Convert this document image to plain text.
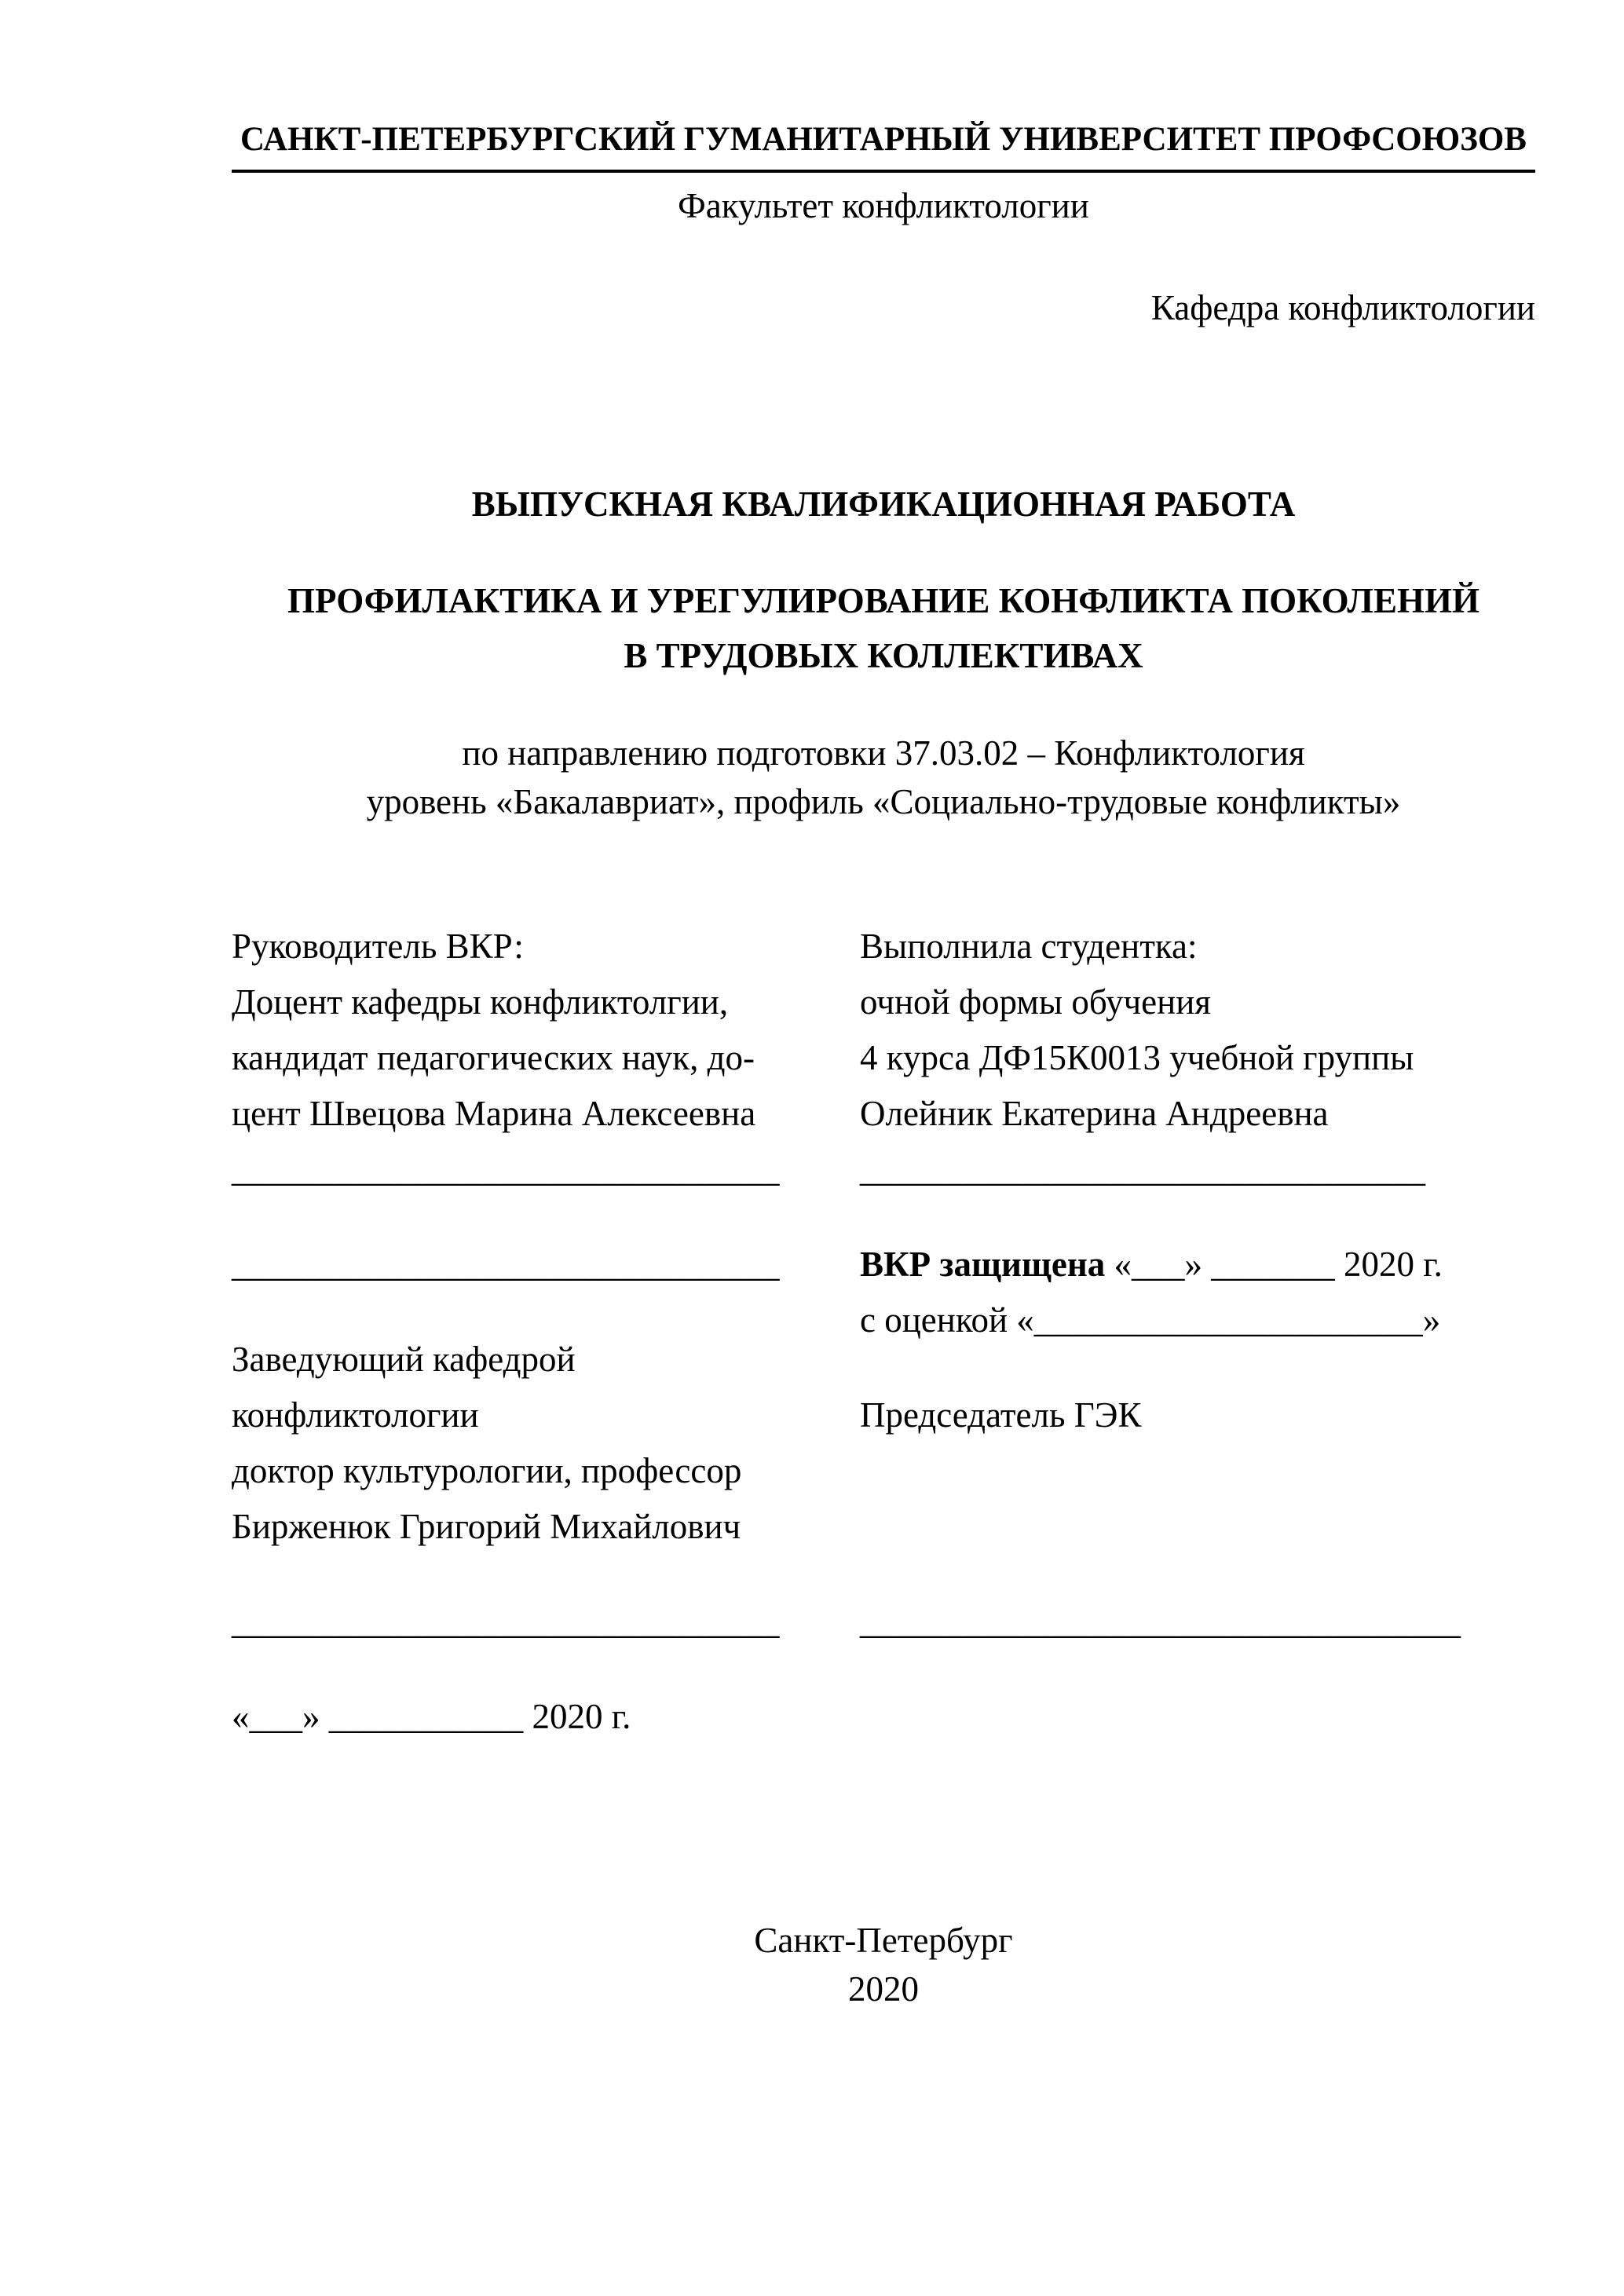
САНКТ-ПЕТЕРБУРГСКИЙ ГУМАНИТАРНЫЙ УНИВЕРСИТЕТ ПРОФСОЮЗОВ
Факультет конфликтологии
Кафедра конфликтологии
ВЫПУСКНАЯ КВАЛИФИКАЦИОННАЯ РАБОТА
ПРОФИЛАКТИКА И УРЕГУЛИРОВАНИЕ КОНФЛИКТА ПОКОЛЕНИЙ
В ТРУДОВЫХ КОЛЛЕКТИВАХ
по направлению подготовки 37.03.02 – Конфликтология
уровень «Бакалавриат», профиль «Социально-трудовые конфликты»
Руководитель ВКР:
Доцент кафедры конфликтолгии,
кандидат педагогических наук, до-
цент Швецова Марина Алексеевна
_______________________________
_______________________________
Заведующий кафедрой
конфликтологии
доктор культурологии, профессор
Бирженюк Григорий Михайлович
_______________________________
«___» ___________ 2020 г.
Выполнила студентка:
очной формы обучения
4 курса ДФ15К0013 учебной группы
Олейник Екатерина Андреевна
________________________________
ВКР защищена «___» _______ 2020 г.
с оценкой «______________________»
Председатель ГЭК
__________________________________
Санкт-Петербург
2020
